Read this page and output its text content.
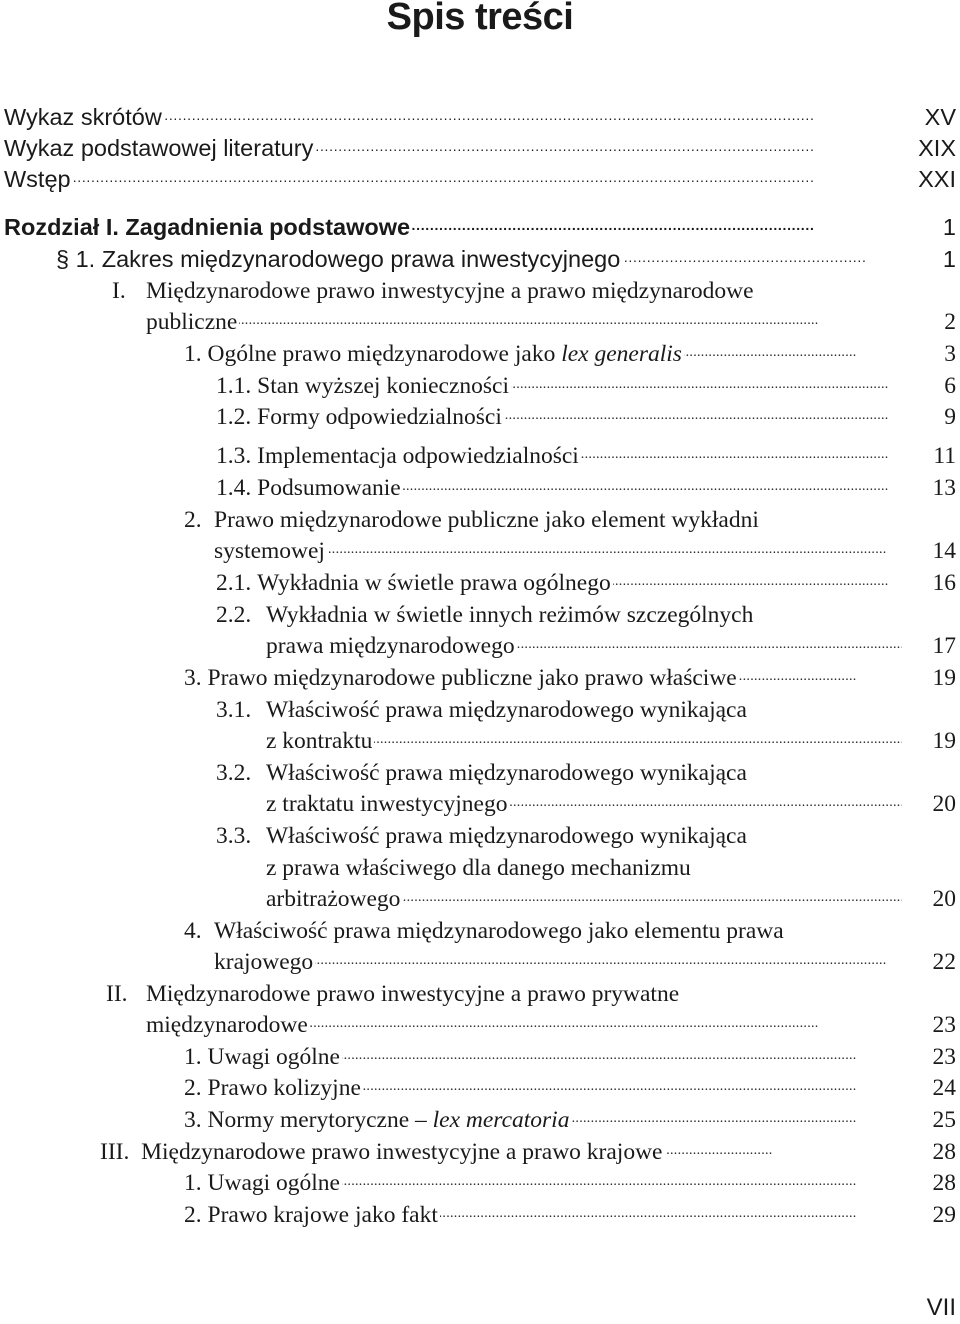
Spis treści
. . . Wykaz skrótów	XV
. . . Wykaz podstawowej literatury	XIX
. . . Wstęp	XXI
. . . Rozdział I. Zagadnienia podstawowe	1
. . . § 1. Zakres międzynarodowego prawa inwestycyjnego	1
I. Międzynarodowe prawo inwestycyjne a prawo międzynarodowe
. . . publiczne	2
. . . 1. Ogólne prawo międzynarodowe jako lex generalis	3
. . . 1.1. Stan wyższej konieczności	6
. . . 1.2. Formy odpowiedzialności	9
. . . 1.3. Implementacja odpowiedzialności	11
. . . 1.4. Podsumowanie	13
2. Prawo międzynarodowe publiczne jako element wykładni
. . . systemowej	14
. . . 2.1. Wykładnia w świetle prawa ogólnego	16
2.2. Wykładnia w świetle innych reżimów szczególnych
. . . prawa międzynarodowego	17
. . . 3. Prawo międzynarodowe publiczne jako prawo właściwe	19
3.1. Właściwość prawa międzynarodowego wynikająca
. . . z kontraktu	19
3.2. Właściwość prawa międzynarodowego wynikająca
. . . z traktatu inwestycyjnego	20
3.3. Właściwość prawa międzynarodowego wynikająca
z prawa właściwego dla danego mechanizmu
. . . arbitrażowego	20
4. Właściwość prawa międzynarodowego jako elementu prawa
. . . krajowego	22
II. Międzynarodowe prawo inwestycyjne a prawo prywatne
. . . międzynarodowe	23
. . . 1. Uwagi ogólne	23
. . . 2. Prawo kolizyjne	24
. . . 3. Normy merytoryczne – lex mercatoria	25
. . . III. Międzynarodowe prawo inwestycyjne a prawo krajowe	28
. . . 1. Uwagi ogólne	28
. . . 2. Prawo krajowe jako fakt	29
VII
